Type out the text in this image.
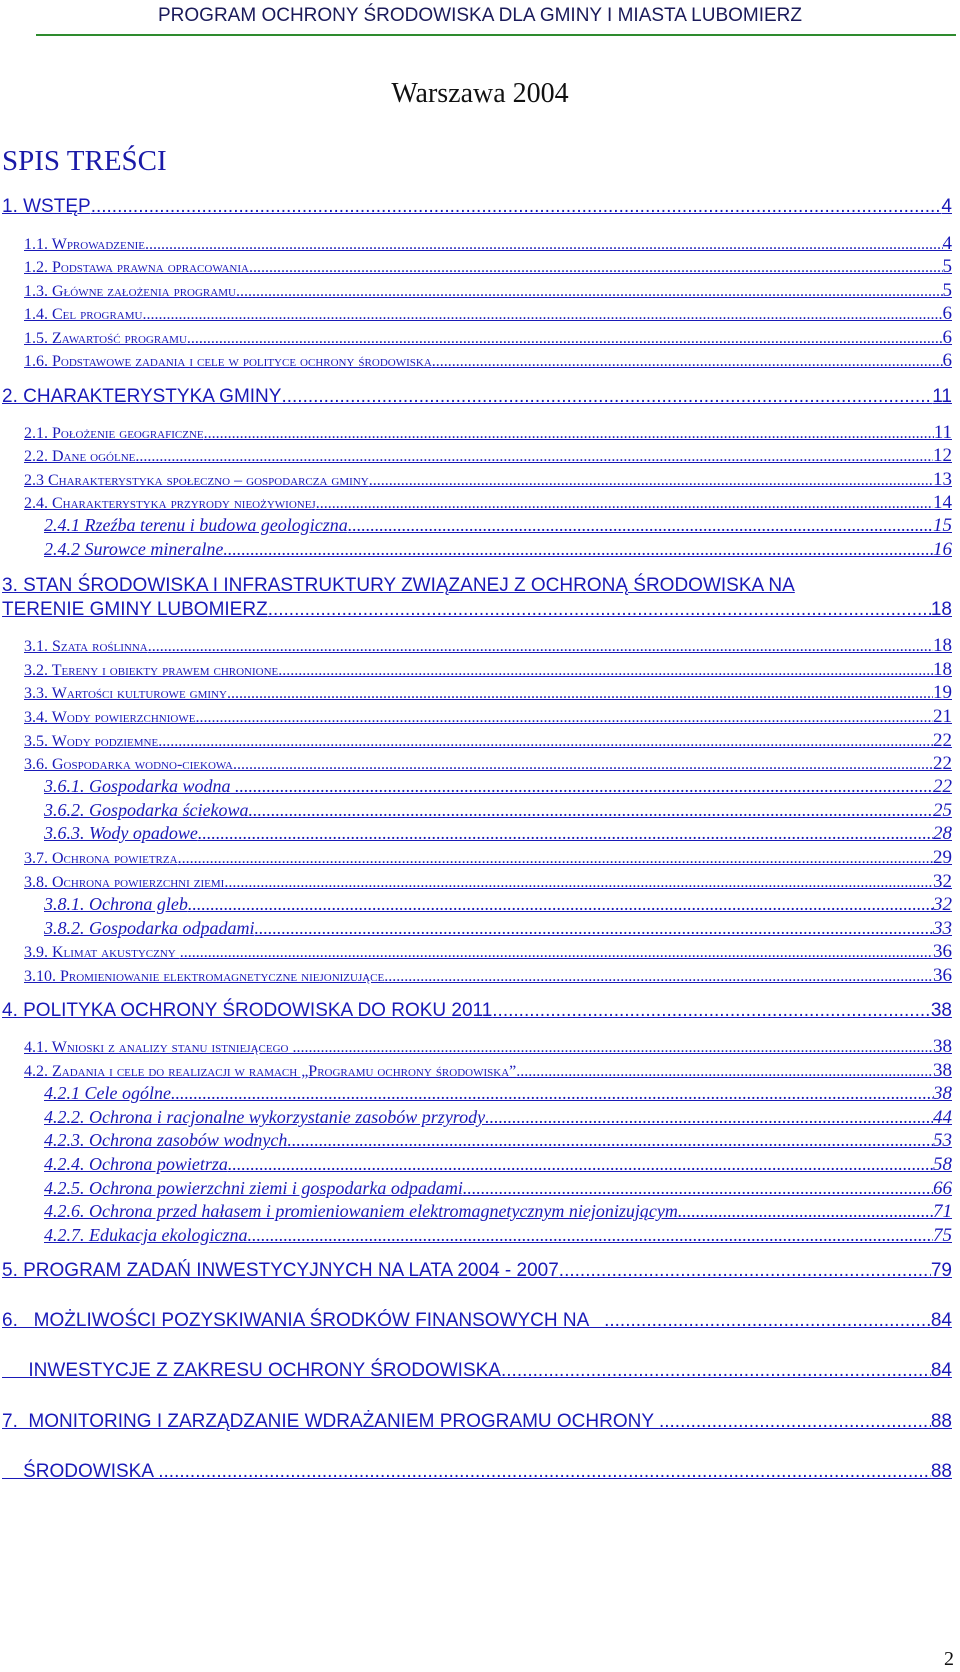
PROGRAM OCHRONY ŚRODOWISKA DLA GMINY I MIASTA LUBOMIERZ
Warszawa 2004
SPIS TREŚCI
1. WSTĘP .....	4
1.1. Wprowadzenie .....	4
1.2. Podstawa prawna opracowania .....	5
1.3. Główne założenia programu .....	5
1.4. Cel programu .....	6
1.5. Zawartość programu .....	6
1.6. Podstawowe zadania i cele w polityce ochrony środowiska .....	6
2. CHARAKTERYSTYKA GMINY .....	11
2.1. Położenie geograficzne .....	11
2.2. Dane ogólne .....	12
2.3 Charakterystyka społeczno – gospodarcza gminy .....	13
2.4. Charakterystyka przyrody nieożywionej .....	14
2.4.1 Rzeźba terenu i budowa geologiczna .....	15
2.4.2 Surowce mineralne .....	16
3. STAN ŚRODOWISKA I INFRASTRUKTURY ZWIĄZANEJ Z OCHRONĄ ŚRODOWISKA NA
TERENIE GMINY LUBOMIERZ .....	18
3.1. Szata roślinna .....	18
3.2. Tereny i obiekty prawem chronione .....	18
3.3. Wartości kulturowe gminy .....	19
3.4. Wody powierzchniowe .....	21
3.5. Wody podziemne .....	22
3.6. Gospodarka wodno-ciekowa .....	22
3.6.1. Gospodarka wodna .....	22
3.6.2. Gospodarka ściekowa .....	25
3.6.3. Wody opadowe .....	28
3.7. Ochrona powietrza .....	29
3.8. Ochrona powierzchni ziemi .....	32
3.8.1. Ochrona gleb .....	32
3.8.2. Gospodarka odpadami .....	33
3.9. Klimat akustyczny .....	36
3.10. Promieniowanie elektromagnetyczne niejonizujące .....	36
4. POLITYKA OCHRONY ŚRODOWISKA DO ROKU 2011 .....	38
4.1. Wnioski z analizy stanu istniejącego .....	38
4.2. Zadania i cele do realizacji w ramach „Programu ochrony środowiska” .....	38
4.2.1 Cele ogólne .....	38
4.2.2. Ochrona i racjonalne wykorzystanie zasobów przyrody .....	44
4.2.3. Ochrona zasobów wodnych .....	53
4.2.4. Ochrona powietrza .....	58
4.2.5. Ochrona powierzchni ziemi i gospodarka odpadami .....	66
4.2.6. Ochrona przed hałasem i promieniowaniem elektromagnetycznym niejonizującym .....	71
4.2.7. Edukacja ekologiczna .....	75
5. PROGRAM ZADAŃ INWESTYCYJNYCH NA LATA 2004 - 2007 .....	79
6.   MOŻLIWOŚCI POZYSKIWANIA ŚRODKÓW FINANSOWYCH NA .....	84
INWESTYCJE Z ZAKRESU OCHRONY ŚRODOWISKA .....	84
7.  MONITORING I ZARZĄDZANIE WDRAŻANIEM PROGRAMU OCHRONY .....	88
ŚRODOWISKA .....	88
2
